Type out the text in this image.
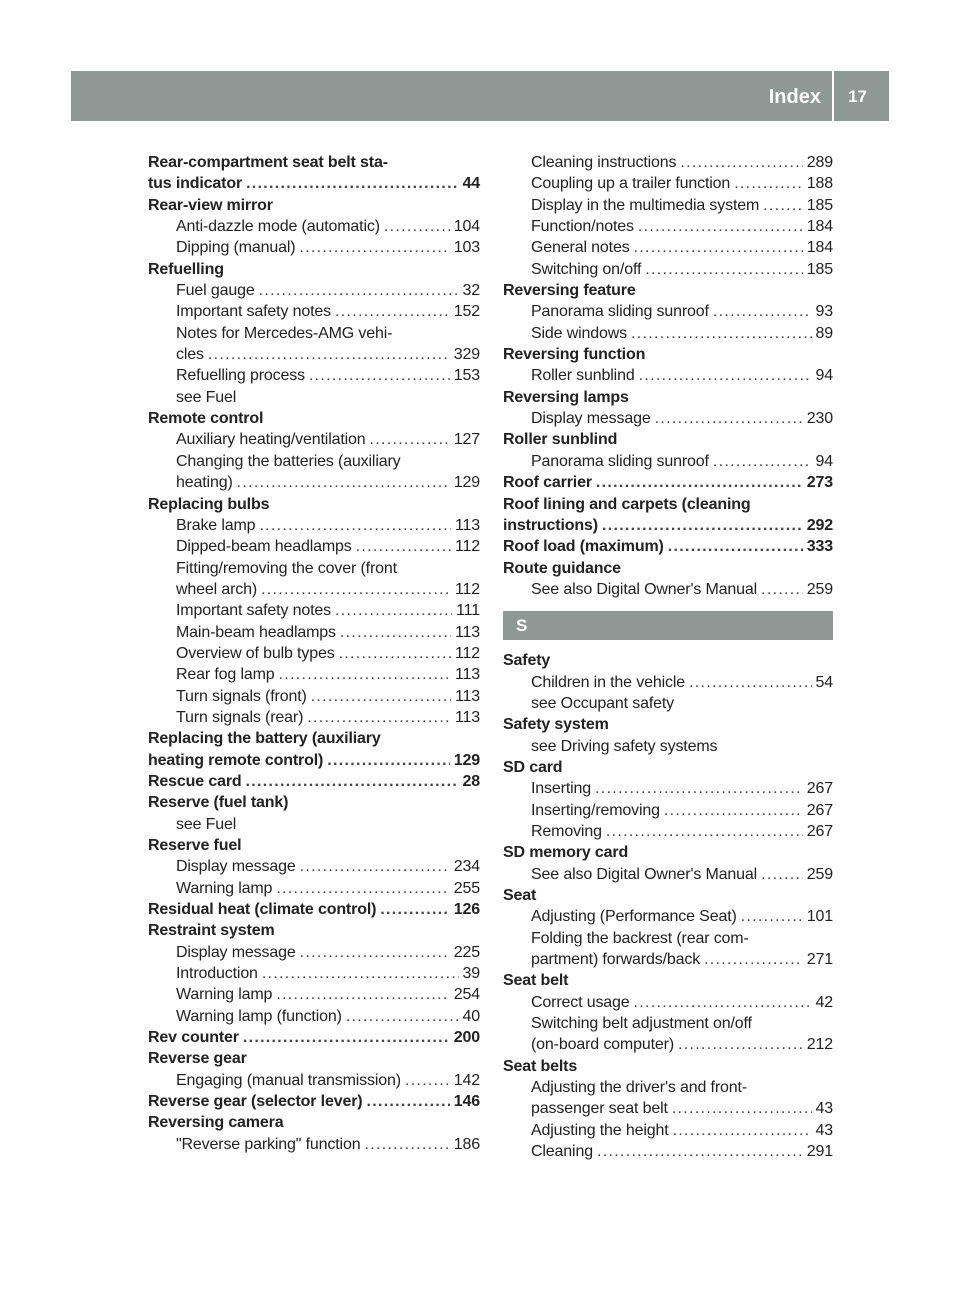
Index 17
Rear-compartment seat belt sta-
tus indicator .....	44
Rear-view mirror
Anti-dazzle mode (automatic) .....	104
Dipping (manual) .....	103
Refuelling
Fuel gauge .....	32
Important safety notes .....	152
Notes for Mercedes-AMG vehi-
cles .....	329
Refuelling process .....	153
see Fuel
Remote control
Auxiliary heating/ventilation .....	127
Changing the batteries (auxiliary
heating) .....	129
Replacing bulbs
Brake lamp .....	113
Dipped-beam headlamps .....	112
Fitting/removing the cover (front
wheel arch) .....	112
Important safety notes .....	111
Main-beam headlamps .....	113
Overview of bulb types .....	112
Rear fog lamp .....	113
Turn signals (front) .....	113
Turn signals (rear) .....	113
Replacing the battery (auxiliary
heating remote control) .....	129
Rescue card .....	28
Reserve (fuel tank)
see Fuel
Reserve fuel
Display message .....	234
Warning lamp .....	255
Residual heat (climate control) .....	126
Restraint system
Display message .....	225
Introduction .....	39
Warning lamp .....	254
Warning lamp (function) .....	40
Rev counter .....	200
Reverse gear
Engaging (manual transmission) .....	142
Reverse gear (selector lever) .....	146
Reversing camera
"Reverse parking" function .....	186
Cleaning instructions .....	289
Coupling up a trailer function .....	188
Display in the multimedia system .....	185
Function/notes .....	184
General notes .....	184
Switching on/off .....	185
Reversing feature
Panorama sliding sunroof .....	93
Side windows .....	89
Reversing function
Roller sunblind .....	94
Reversing lamps
Display message .....	230
Roller sunblind
Panorama sliding sunroof .....	94
Roof carrier .....	273
Roof lining and carpets (cleaning
instructions) .....	292
Roof load (maximum) .....	333
Route guidance
See also Digital Owner's Manual .....	259
S
Safety
Children in the vehicle .....	54
see Occupant safety
Safety system
see Driving safety systems
SD card
Inserting .....	267
Inserting/removing .....	267
Removing .....	267
SD memory card
See also Digital Owner's Manual .....	259
Seat
Adjusting (Performance Seat) .....	101
Folding the backrest (rear com-
partment) forwards/back .....	271
Seat belt
Correct usage .....	42
Switching belt adjustment on/off
(on-board computer) .....	212
Seat belts
Adjusting the driver's and front-
passenger seat belt .....	43
Adjusting the height .....	43
Cleaning .....	291
